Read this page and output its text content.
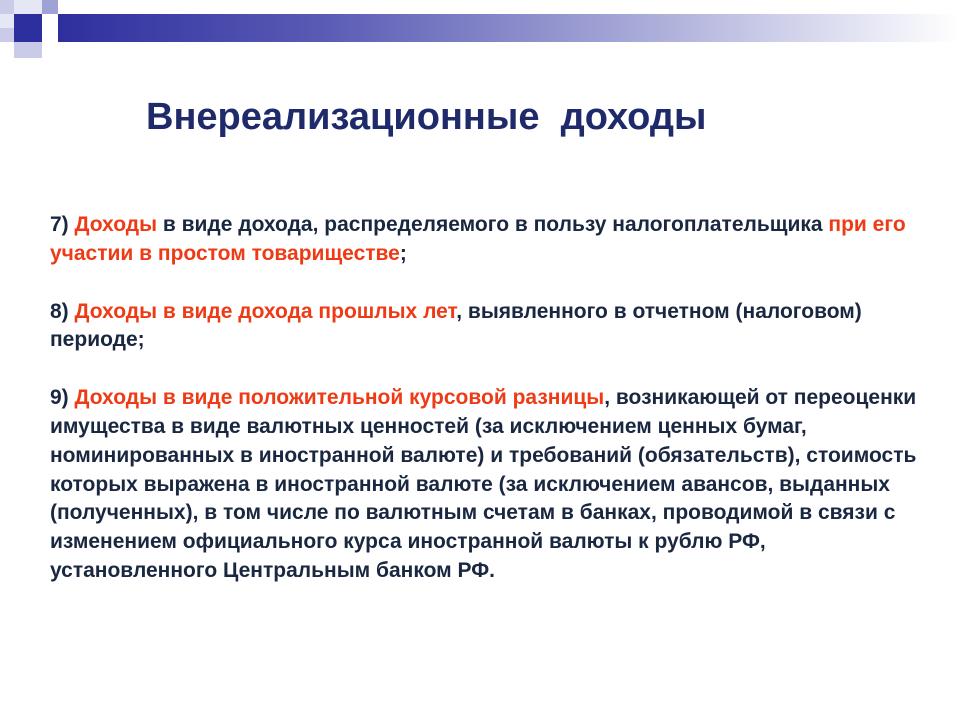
Внереализационные  доходы

7) Доходы в виде дохода, распределяемого в пользу налогоплательщика при его участии в простом товариществе;

8) Доходы в виде дохода прошлых лет, выявленного в отчетном (налоговом) периоде;

9) Доходы в виде положительной курсовой разницы, возникающей от переоценки имущества в виде валютных ценностей (за исключением ценных бумаг, номинированных в иностранной валюте) и требований (обязательств), стоимость которых выражена в иностранной валюте (за исключением авансов, выданных (полученных), в том числе по валютным счетам в банках, проводимой в связи с изменением официального курса иностранной валюты к рублю РФ, установленного Центральным банком РФ.
